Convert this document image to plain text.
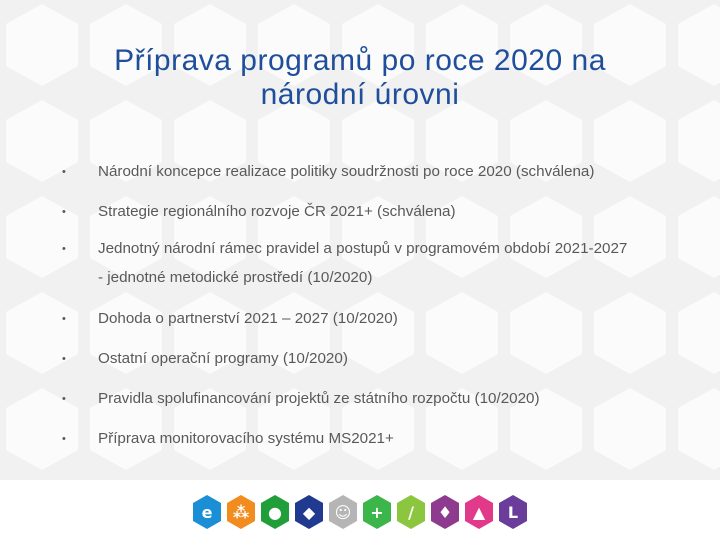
Příprava programů po roce 2020 na národní úrovni
• Národní koncepce realizace politiky soudržnosti po roce 2020 (schválena)
• Strategie regionálního rozvoje ČR 2021+ (schválena)
• Jednotný národní rámec pravidel a postupů v programovém období 2021-2027
- jednotné metodické prostředí (10/2020)
• Dohoda o partnerství 2021 – 2027 (10/2020)
• Ostatní operační programy (10/2020)
• Pravidla spolufinancování projektů ze státního rozpočtu (10/2020)
• Příprava monitorovacího systému MS2021+
e	⁂	●	◆	☺	+	/	♦	▲	L
